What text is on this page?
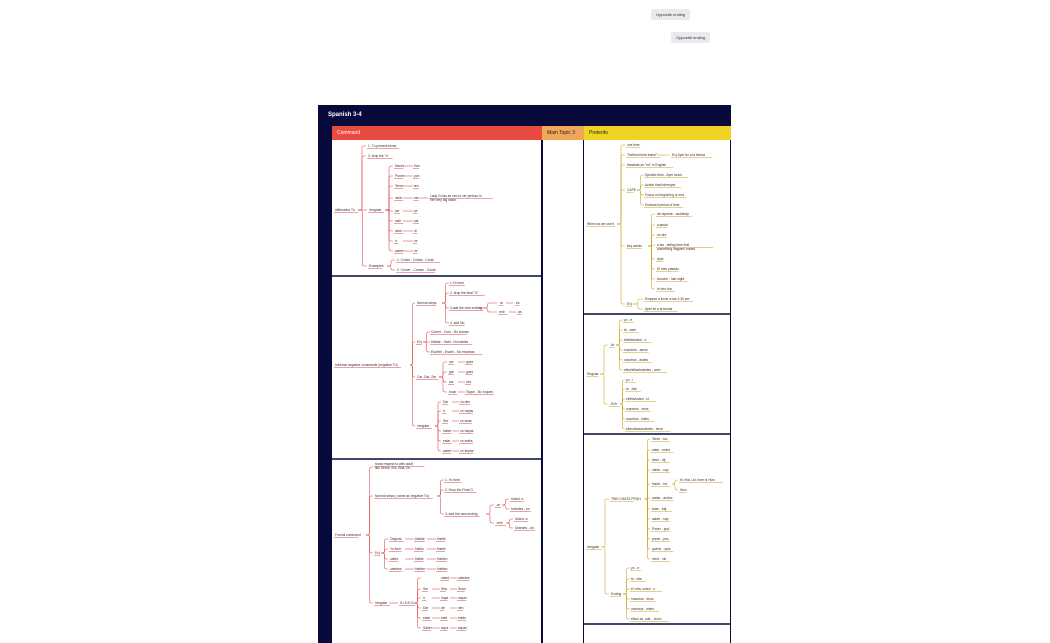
Opposite ending
Opposite ending
Spanish 3-4
Command	Main Topic 3	Preterito
affirmative Tú
1. Tú present tense
2. drop the "s"
Irregular
Hacer	Haz
Poner	pon
Tener	ten
venir	ven
ser	sé
salir	sal
decir	di
ir	ve
saber	ve
Lady G has sir ven to ver pintoso in her very big salon.
Examples
1. Cortar - Cortas - Corta
2. Comer - Comes - Come
Informal negative commands (negative Tú)
Normal steps
1.Yo form
2. drop the final "O"
3.add the new ending
4. add No
ar	es
er/ir	as
Ex)
Comer - Com - No comas
Hablar - Habl - No hables
Escribir - Escrib - No escribas
Car, Gar, Zar
car	quez
gar	guez
zar	ces
tocar	Toque - No toques
irregular
Dar	no des
Ir	no vayas
Ser	no seas
haber	no hayas
estar	no estés
saber	no sepas
Formal command
show respect to with adult like Señor, Sra, Srta, Dr...
Normal steps ( same as negative Tú)
1. Yo form
2. Drop the Final O
3. add the new ending
-ar
Usted- e
Ustedes - en
-er/ir
Usted- a
Ustedes - an
Ex)
Original	Hablar	Hable
Yo form	Hablo	Hable
usted	Hable	Hablen
ustedes	Hablen	Hablen
Irregular	S.I.D.E.S
usted	ustedes
Ser	Sea	Sean
Ir	Vaya	vayan
Dar	dé	den
estar	esté	estén
Saber	sepa	sepan
When do we use it
one time
"Defined time frame"	Ex) Ayer fui a la tienda
translate as "ed" in English
CAPE
Specific time - Ayer lunch
Action that interrupts
Focus on beginning or end
Enclosed period of time
key words
de repente - suddenly
cuando
un día
a las - telling time that something happen/ ended
Ayer
El mes pasado
Anoche - last night
el otro día
Ex)
Empezó a llover a las 4:30 pm
Ayer fui a la tienda
Regular
-Ar
yo - é
tú - aste
él/ella/usted - ó
nosotros - amos
vosotros - asteis
ellos/ellas/ustedes - aron
-Er/Ir
yo - í
tú - iste
él/ella/usted - ió
nosotros - imos
vosotros - isteis
ellos/ellas/ustedes - ieron
Irregular
TWD CHATS PPQH
Tener - tuv
estar - estuv
decir - dij
caber - cup
hacer - hic
andar - anduv
traer - traj
saber - sup
Poder - pud
poner - pus
querer - quis
venir - vin
él, ella, Ud. form is Hizo
Hizo
Ending
yo - e
tú - iste
él, ella, usted - o
nosotros - imos
vosotros - isteis
ellos/ as, uds. - ieron
